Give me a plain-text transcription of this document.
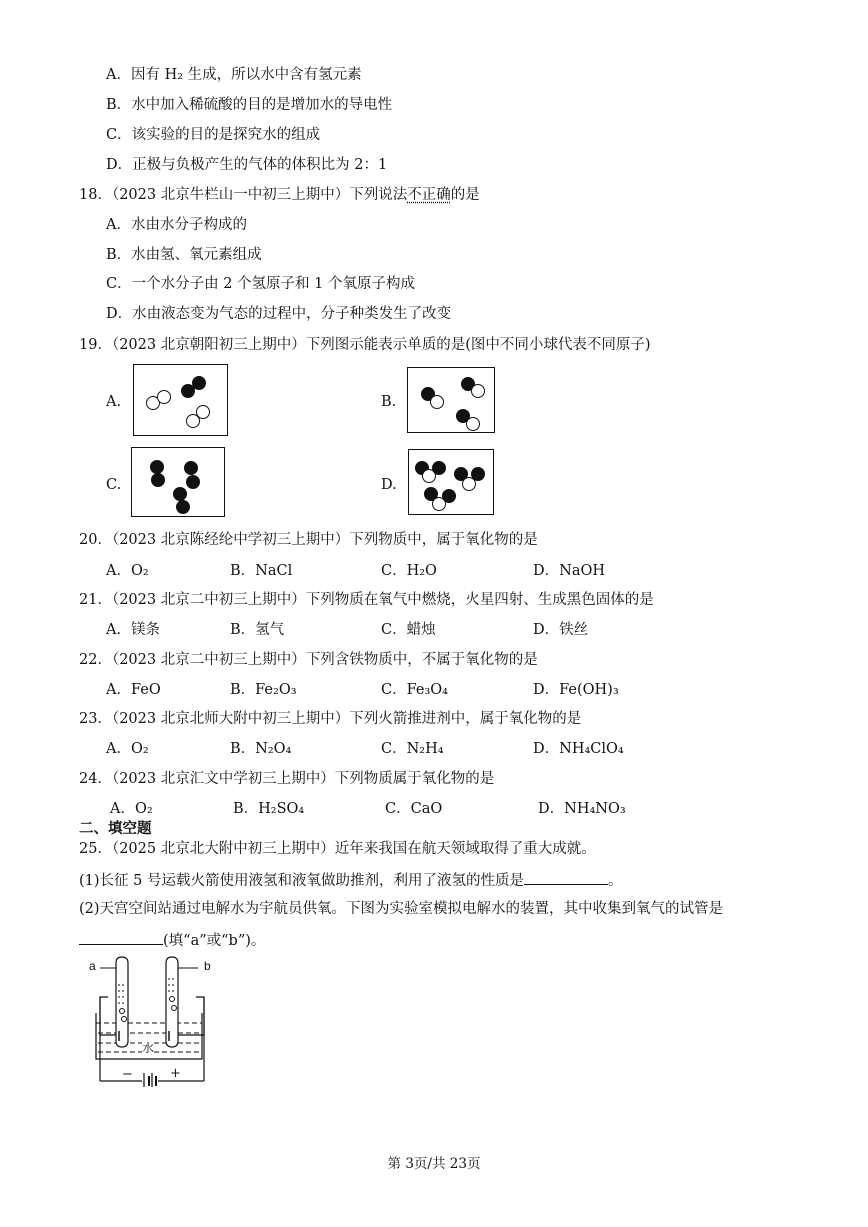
A．因有 H₂ 生成，所以水中含有氢元素
B．水中加入稀硫酸的目的是增加水的导电性
C．该实验的目的是探究水的组成
D．正极与负极产生的气体的体积比为 2：1
18．（2023 北京牛栏山一中初三上期中）下列说法不正确的是
A．水由水分子构成的
B．水由氢、氧元素组成
C．一个水分子由 2 个氢原子和 1 个氧原子构成
D．水由液态变为气态的过程中，分子种类发生了改变
19．（2023 北京朝阳初三上期中）下列图示能表示单质的是(图中不同小球代表不同原子)
A.	B.
C.	D.
20．（2023 北京陈经纶中学初三上期中）下列物质中，属于氧化物的是
A．O₂	B．NaCl	C．H₂O	D．NaOH
21．（2023 北京二中初三上期中）下列物质在氧气中燃烧，火星四射、生成黑色固体的是
A．镁条	B．氢气	C．蜡烛	D．铁丝
22．（2023 北京二中初三上期中）下列含铁物质中，不属于氧化物的是
A．FeO	B．Fe₂O₃	C．Fe₃O₄	D．Fe(OH)₃
23．（2023 北京北师大附中初三上期中）下列火箭推进剂中，属于氧化物的是
A．O₂	B．N₂O₄	C．N₂H₄	D．NH₄ClO₄
24．（2023 北京汇文中学初三上期中）下列物质属于氧化物的是
A．O₂	B．H₂SO₄	C．CaO	D．NH₄NO₃
二、填空题
25．（2025 北京北大附中初三上期中）近年来我国在航天领域取得了重大成就。
(1)长征 5 号运载火箭使用液氢和液氧做助推剂，利用了液氢的性质是	。
(2)天宫空间站通过电解水为宇航员供氧。下图为实验室模拟电解水的装置，其中收集到氧气的试管是
(填“a”或“b”)。
a	b
水
−	+
第 3页/共 23页
